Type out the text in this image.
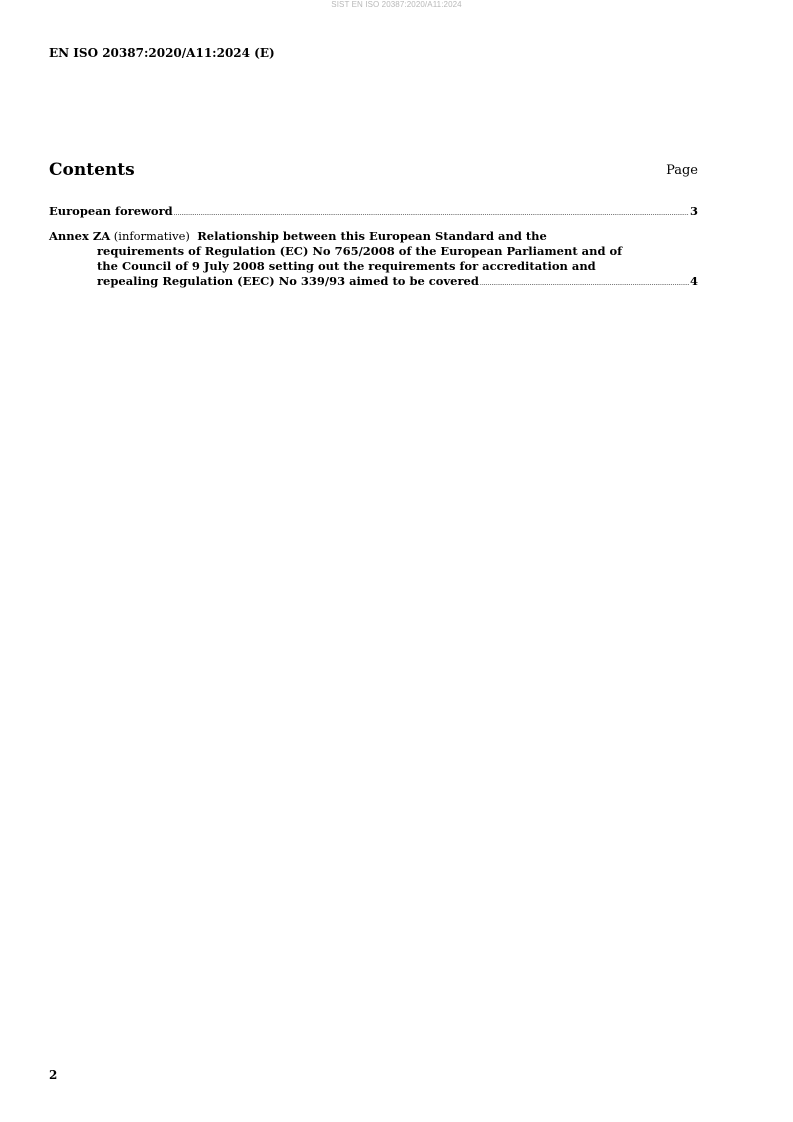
SIST EN ISO 20387:2020/A11:2024
EN ISO 20387:2020/A11:2024 (E)
Contents	Page
European foreword .....	3
Annex ZA (informative) Relationship between this European Standard and the
requirements of Regulation (EC) No 765/2008 of the European Parliament and of
the Council of 9 July 2008 setting out the requirements for accreditation and
repealing Regulation (EEC) No 339/93 aimed to be covered .....	4
2
